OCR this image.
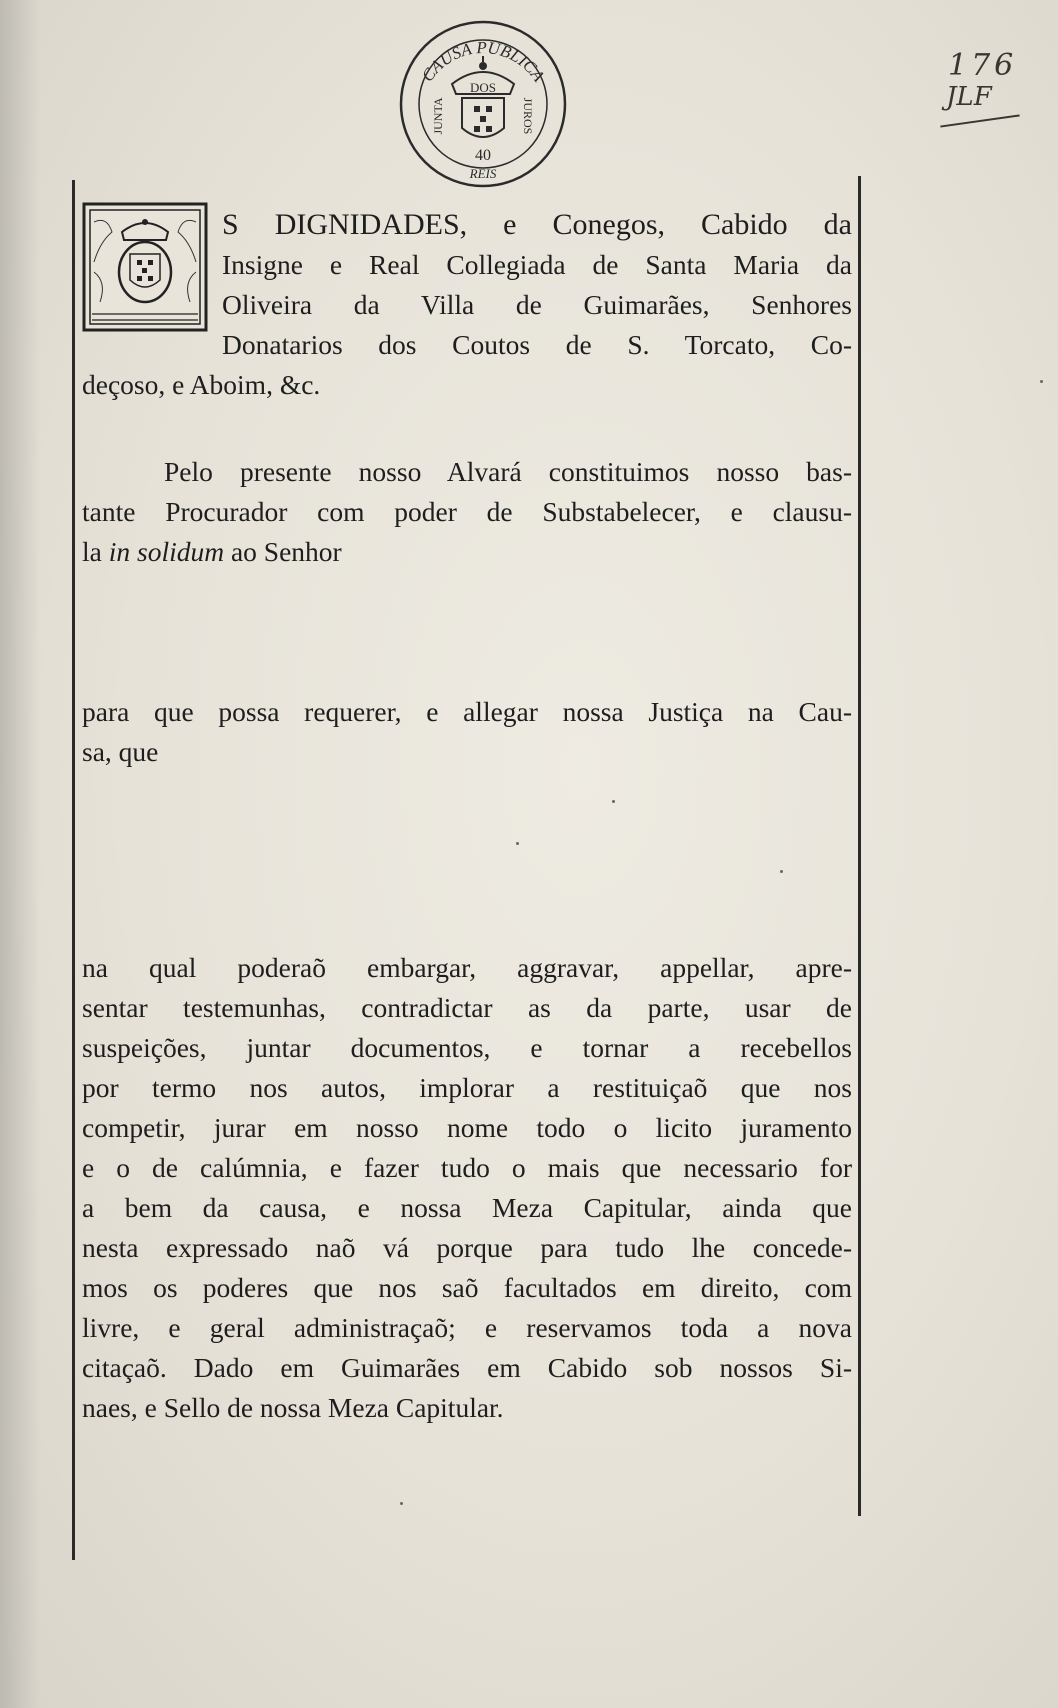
CAUSA PUBLICA
DOS
JUNTA	JUROS
40
REIS
176
JLF
S DIGNIDADES, e Conegos, Cabido da
Insigne e Real Collegiada de Santa Maria da
Oliveira da Villa de Guimarães, Senhores
Donatarios dos Coutos de S. Torcato, Co-
deçoso, e Aboim, &c.
Pelo presente nosso Alvará constituimos nosso bas-
tante Procurador com poder de Substabelecer, e clausu-
la in solidum ao Senhor
para que possa requerer, e allegar nossa Justiça na Cau-
sa, que
na qual poderaõ embargar, aggravar, appellar, apre-
sentar testemunhas, contradictar as da parte, usar de
suspeições, juntar documentos, e tornar a recebellos
por termo nos autos, implorar a restituiçaõ que nos
competir, jurar em nosso nome todo o licito juramento
e o de calúmnia, e fazer tudo o mais que necessario for
a bem da causa, e nossa Meza Capitular, ainda que
nesta expressado naõ vá porque para tudo lhe concede-
mos os poderes que nos saõ facultados em direito, com
livre, e geral administraçaõ; e reservamos toda a nova
citaçaõ. Dado em Guimarães em Cabido sob nossos Si-
naes, e Sello de nossa Meza Capitular.
